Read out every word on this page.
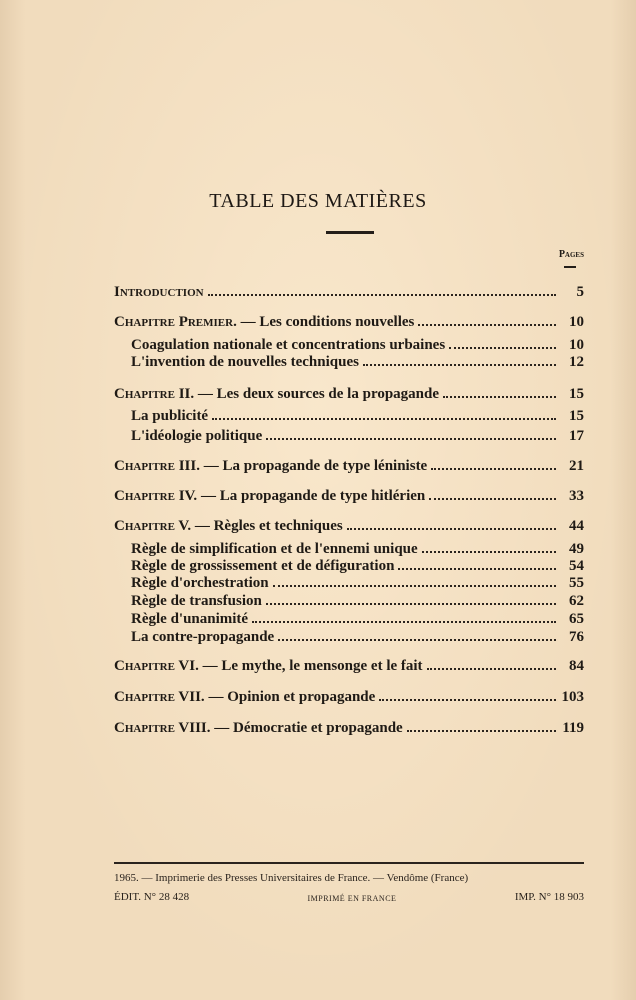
TABLE DES MATIÈRES
Pages
Introduction	5
Chapitre Premier. — Les conditions nouvelles	10
Coagulation nationale et concentrations urbaines	10
L'invention de nouvelles techniques	12
Chapitre II. — Les deux sources de la propagande	15
La publicité	15
L'idéologie politique	17
Chapitre III. — La propagande de type léniniste	21
Chapitre IV. — La propagande de type hitlérien	33
Chapitre V. — Règles et techniques	44
Règle de simplification et de l'ennemi unique	49
Règle de grossissement et de défiguration	54
Règle d'orchestration	55
Règle de transfusion	62
Règle d'unanimité	65
La contre-propagande	76
Chapitre VI. — Le mythe, le mensonge et le fait	84
Chapitre VII. — Opinion et propagande	103
Chapitre VIII. — Démocratie et propagande	119
1965. — Imprimerie des Presses Universitaires de France. — Vendôme (France)
ÉDIT. N° 28 428	IMPRIMÉ EN FRANCE	IMP. N° 18 903
